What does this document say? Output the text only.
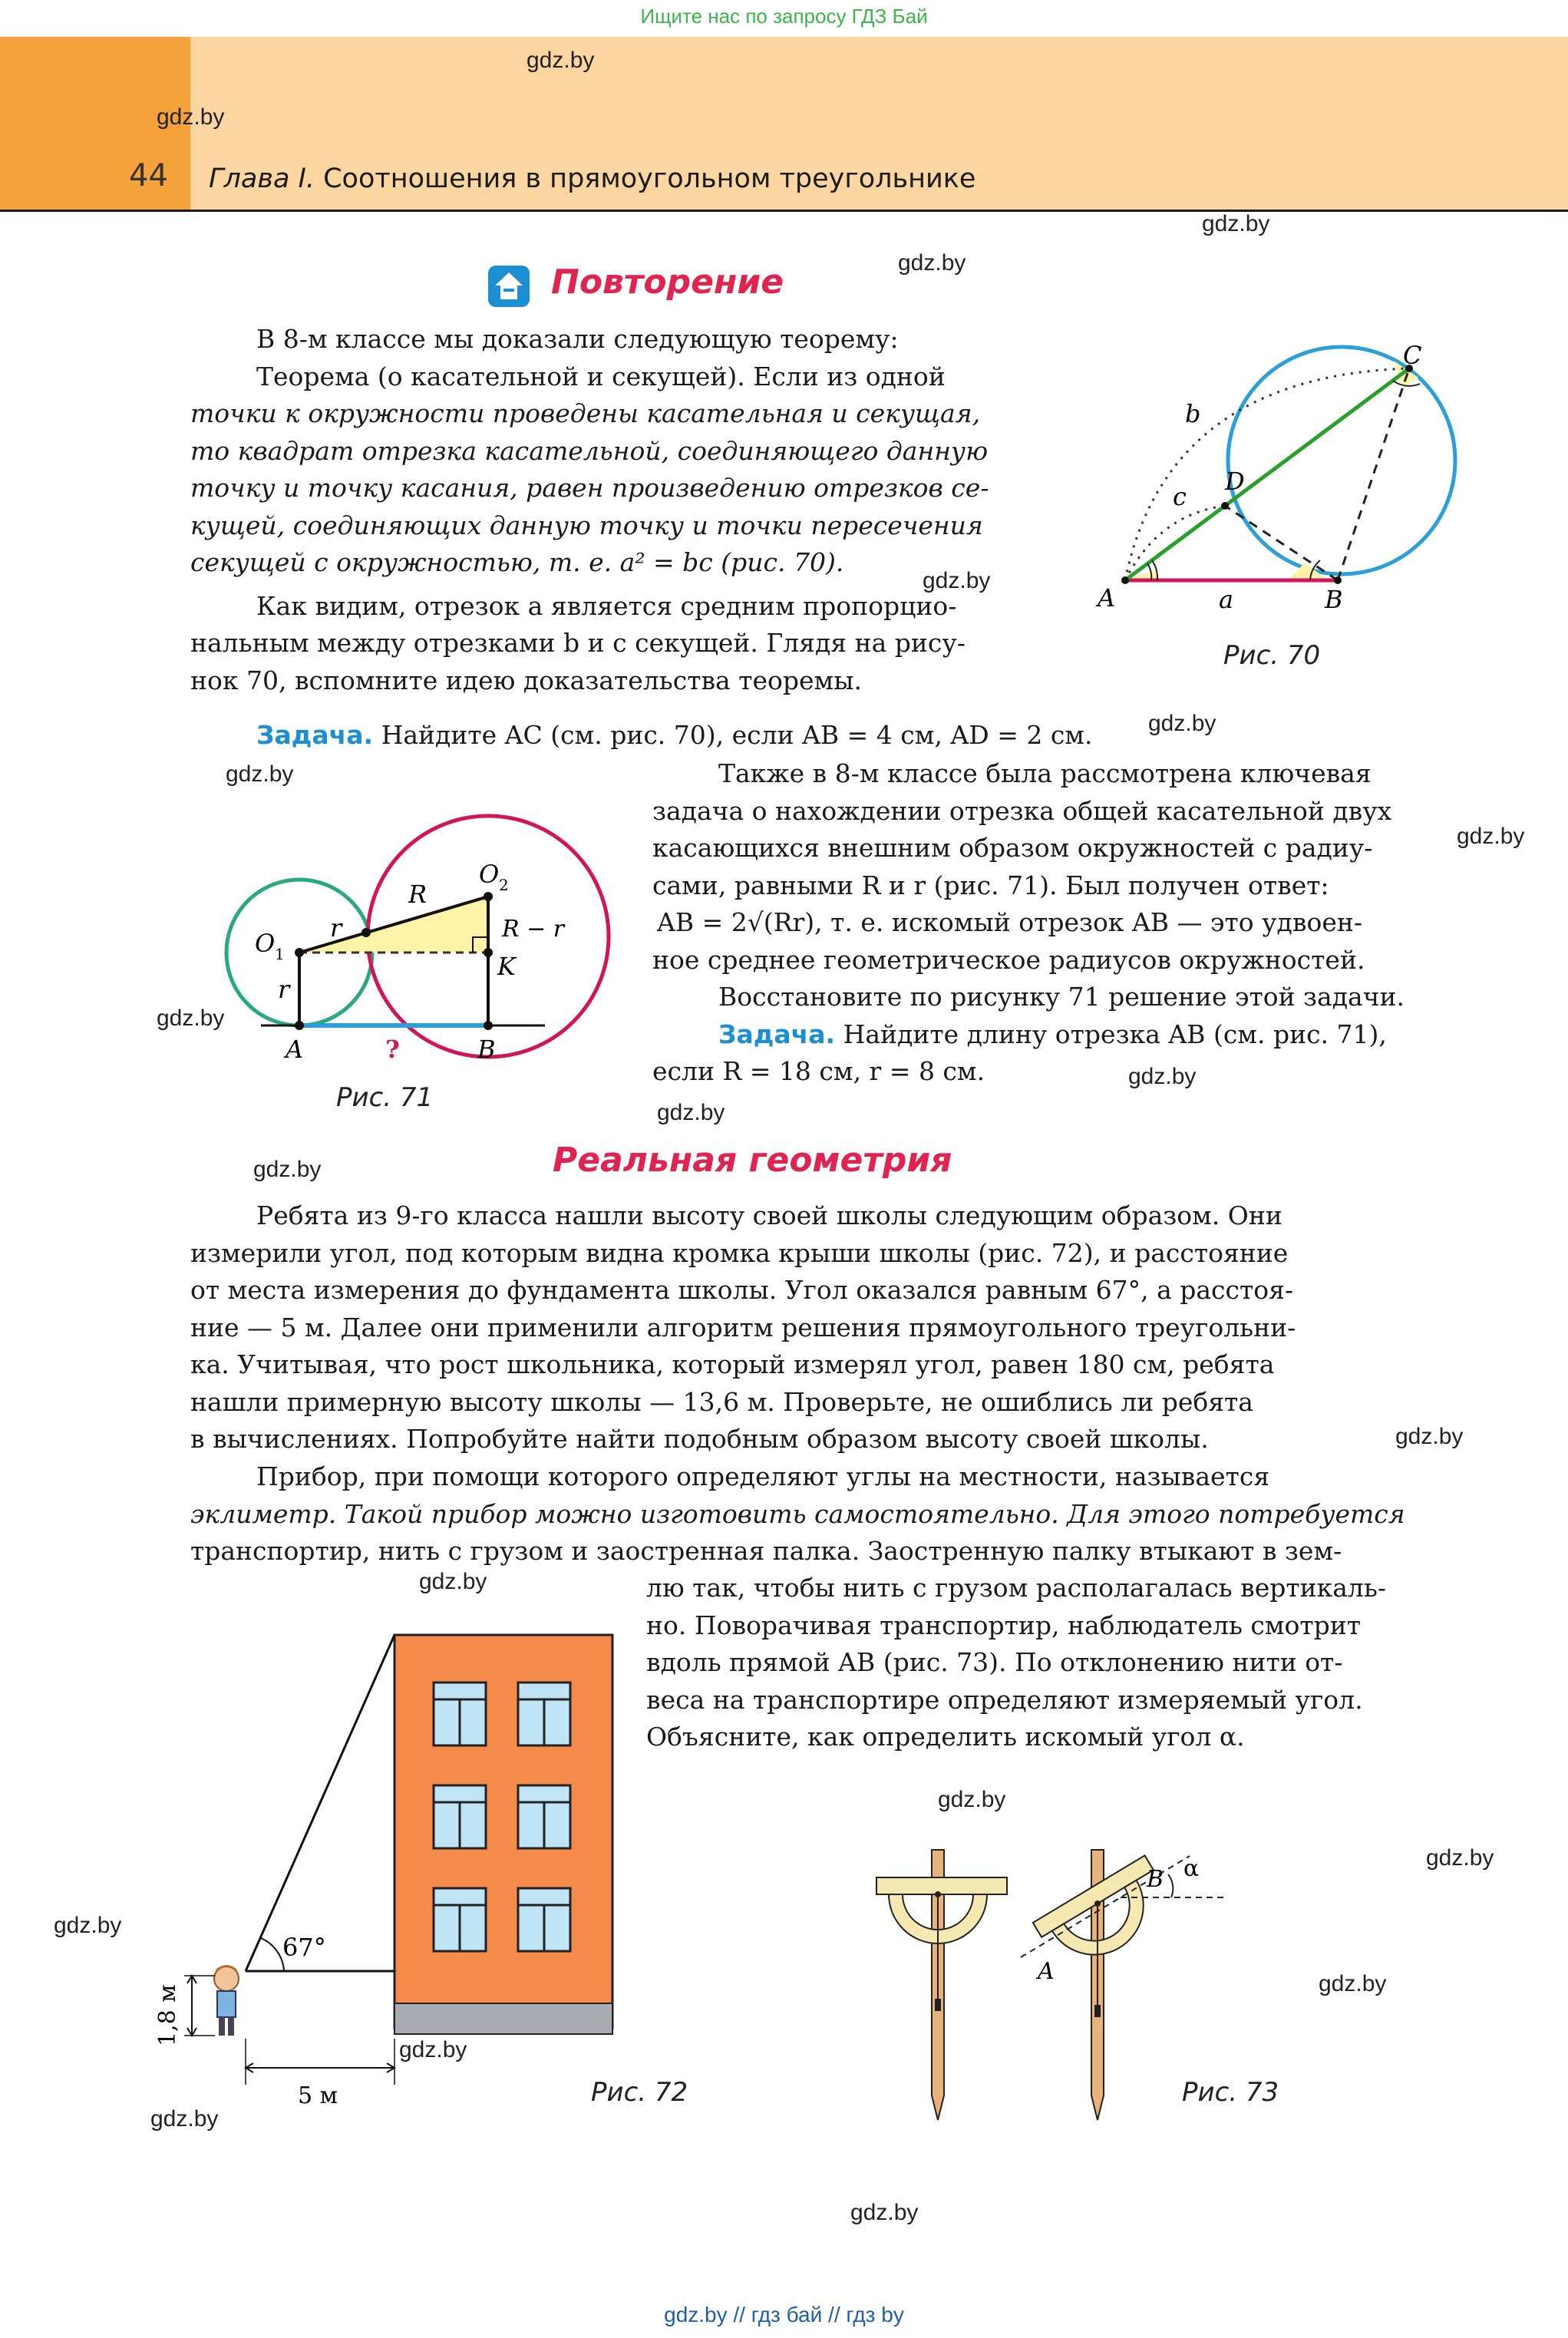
Ищите нас по запросу ГДЗ Бай
44 Глава I. Соотношения в прямоугольном треугольнике
gdz.by
gdz.by
gdz.by
gdz.by
gdz.by
gdz.by
gdz.by
gdz.by
gdz.by
gdz.by
gdz.by
gdz.by
gdz.by
gdz.by
gdz.by
gdz.by
gdz.by
gdz.by
gdz.by
gdz.by
gdz.by
Повторение
В 8-м классе мы доказали следующую теорему:
Теорема (о касательной и секущей). Если из одной
точки к окружности проведены касательная и секущая,
то квадрат отрезка касательной, соединяющего данную
точку и точку касания, равен произведению отрезков се-
кущей, соединяющих данную точку и точки пересечения
секущей с окружностью, т. е. a² = bc (рис. 70).
Как видим, отрезок a является средним пропорцио-
нальным между отрезками b и c секущей. Глядя на рису-
нок 70, вспомните идею доказательства теоремы.
Задача. Найдите AC (см. рис. 70), если AB = 4 см, AD = 2 см.
A	B
C
D
a
b
c
Рис. 70
O 1
O 2
R
r
r
R − r
K
A	B
?
Рис. 71
Также в 8-м классе была рассмотрена ключевая
задача о нахождении отрезка общей касательной двух
касающихся внешним образом окружностей с радиу-
сами, равными R и r (рис. 71). Был получен ответ:
AB = 2√(Rr), т. е. искомый отрезок AB — это удвоен-
ное среднее геометрическое радиусов окружностей.
Восстановите по рисунку 71 решение этой задачи.
Задача. Найдите длину отрезка AB (см. рис. 71),
если R = 18 см, r = 8 см.
Реальная геометрия
Ребята из 9-го класса нашли высоту своей школы следующим образом. Они
измерили угол, под которым видна кромка крыши школы (рис. 72), и расстояние
от места измерения до фундамента школы. Угол оказался равным 67°, а расстоя-
ние — 5 м. Далее они применили алгоритм решения прямоугольного треугольни-
ка. Учитывая, что рост школьника, который измерял угол, равен 180 см, ребята
нашли примерную высоту школы — 13,6 м. Проверьте, не ошиблись ли ребята
в вычислениях. Попробуйте найти подобным образом высоту своей школы.
Прибор, при помощи которого определяют углы на местности, называется
эклиметр. Такой прибор можно изготовить самостоятельно. Для этого потребуется
транспортир, нить с грузом и заостренная палка. Заостренную палку втыкают в зем-
лю так, чтобы нить с грузом располагалась вертикаль-
но. Поворачивая транспортир, наблюдатель смотрит
вдоль прямой AB (рис. 73). По отклонению нити от-
веса на транспортире определяют измеряемый угол.
Объясните, как определить искомый угол α.
67°
1,8 м
5 м	Рис. 72
A
B α
Рис. 73
gdz.by // гдз бай // гдз by
